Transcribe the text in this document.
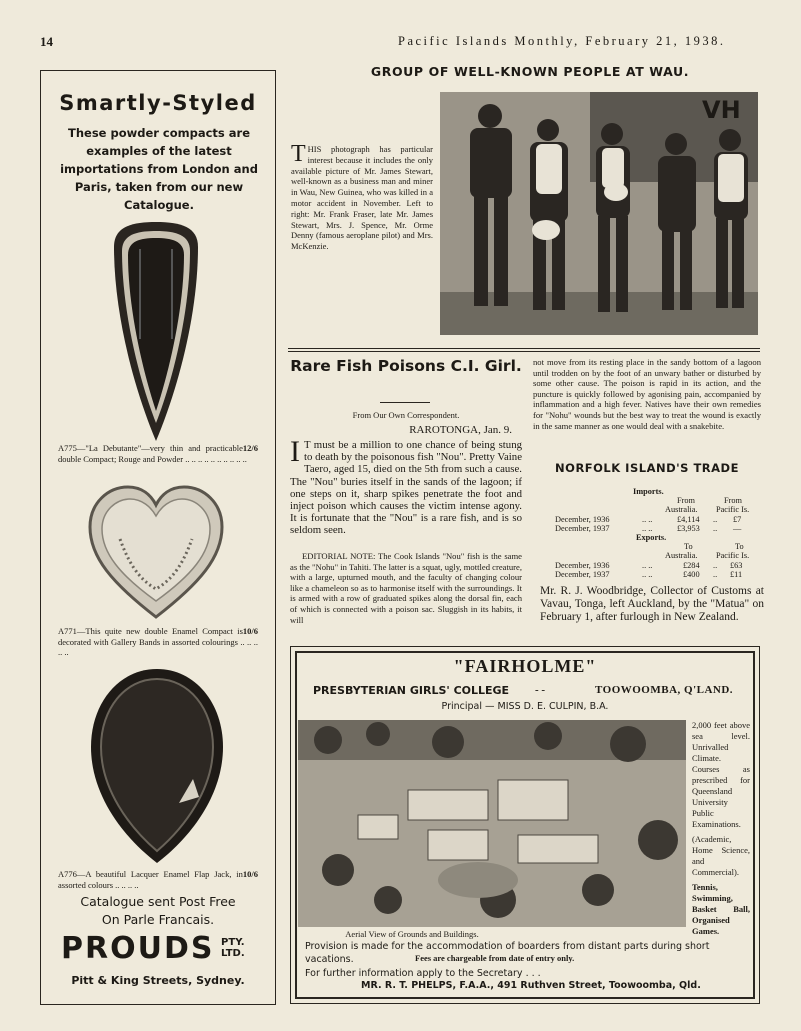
14	Pacific Islands Monthly, February 21, 1938.
Smartly-Styled
These powder compacts are examples of the latest importations from London and Paris, taken from our new Catalogue.
12/6
A775—"La Debutante"—very thin and practicable double Compact; Rouge and Powder .. .. .. .. .. .. .. .. .. ..
10/6
A771—This quite new double Enamel Compact is decorated with Gallery Bands in assorted colourings .. .. .. .. ..
10/6
A776—A beautiful Lacquer Enamel Flap Jack, in assorted colours .. .. .. ..
Catalogue sent Post Free
On Parle Francais.
PROUDS PTY.
LTD.
Pitt & King Streets, Sydney.
GROUP OF WELL-KNOWN PEOPLE AT WAU.
THIS photograph has particular interest because it includes the only available picture of Mr. James Stewart, well-known as a business man and miner in Wau, New Guinea, who was killed in a motor accident in November. Left to right: Mr. Frank Fraser, late Mr. James Stewart, Mrs. J. Spence, Mr. Orme Denny (famous aeroplane pilot) and Mrs. McKenzie.
VH
Rare Fish Poisons C.I. Girl.
From Our Own Correspondent.
RAROTONGA, Jan. 9.
I T must be a million to one chance of being stung to death by the poisonous fish "Nou". Pretty Vaine Taero, aged 15, died on the 5th from such a cause. The "Nou" buries itself in the sands of the lagoon; if one steps on it, sharp spikes penetrate the foot and inject poison which causes the victim intense agony. It is fortunate that the "Nou" is a rare fish, and is so seldom seen.
EDITORIAL NOTE: The Cook Islands "Nou" fish is the same as the "Nohu" in Tahiti. The latter is a squat, ugly, mottled creature, with a large, upturned mouth, and the faculty of changing colour like a chameleon so as to harmonise itself with the surroundings. It is armed with a row of graduated spikes along the dorsal fin, each of which is connected with a poison sac. Sluggish in its habits, it will
not move from its resting place in the sandy bottom of a lagoon until trodden on by the foot of an unwary bather or disturbed by some other cause. The poison is rapid in its action, and the puncture is quickly followed by agonising pain, accompanied by inflammation and a high fever. Natives have their own remedies for "Nohu" wounds but the best way to treat the wound is exactly in the same manner as one would deal with a snakebite.
NORFOLK ISLAND'S TRADE
Imports.
From	From
Australia. Pacific Is.
December, 1936	.. ..	£4,114 .. £7
December, 1937	.. ..	£3,953 .. —
Exports.
To	To
Australia. Pacific Is.
December, 1936	.. ..	£284 .. £63
December, 1937	.. ..	£400 .. £11
Mr. R. J. Woodbridge, Collector of Customs at Vavau, Tonga, left Auckland, by the "Matua" on February 1, after furlough in New Zealand.
"FAIRHOLME"
PRESBYTERIAN GIRLS' COLLEGE - -	TOOWOOMBA, Q'LAND.
Principal — MISS D. E. CULPIN, B.A.
2,000 feet above sea level. Unrivalled Climate. Courses as prescribed for Queensland University Public Examinations.
(Academic, Home Science, and Commercial).
Tennis, Swimming, Basket Ball, Organised Games.
Aerial View of Grounds and Buildings.
Provision is made for the accommodation of boarders from distant parts during short vacations.	Fees are chargeable from date of entry only.
For further information apply to the Secretary . . .
MR. R. T. PHELPS, F.A.A., 491 Ruthven Street, Toowoomba, Qld.
